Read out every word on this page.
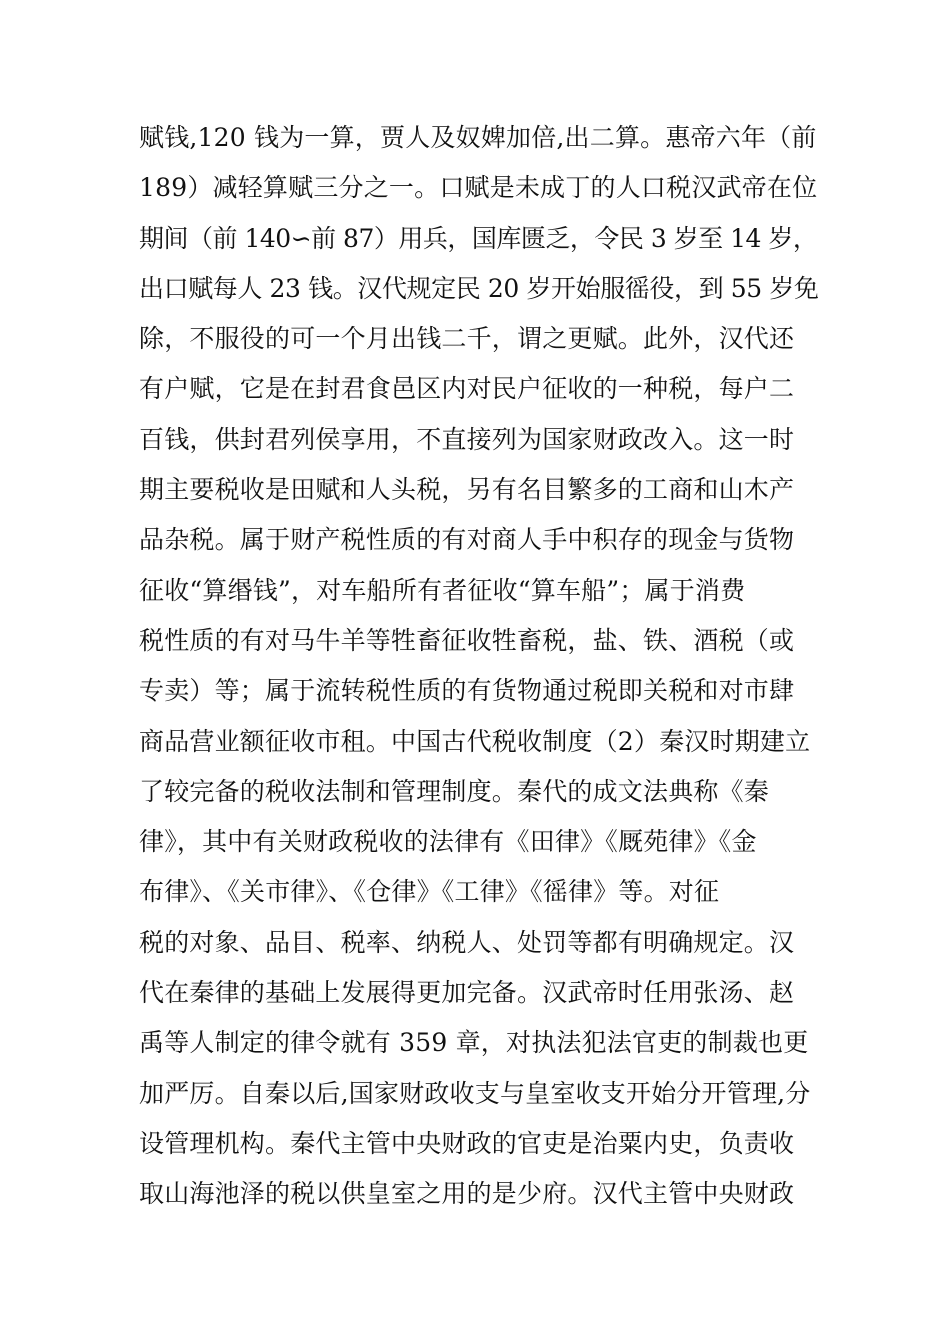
赋钱,120 钱为一算，贾人及奴婢加倍,出二算。惠帝六年（前
189）减轻算赋三分之一。口赋是未成丁的人口税汉武帝在位
期间（前 140∽前 87）用兵，国库匮乏，令民 3 岁至 14 岁，
出口赋每人 23 钱。汉代规定民 20 岁开始服徭役，到 55 岁免
除，不服役的可一个月出钱二千，谓之更赋。此外，汉代还
有户赋，它是在封君食邑区内对民户征收的一种税，每户二
百钱，供封君列侯享用，不直接列为国家财政改入。这一时
期主要税收是田赋和人头税，另有名目繁多的工商和山木产
品杂税。属于财产税性质的有对商人手中积存的现金与货物
征收“算缗钱”，对车船所有者征收“算车船”；属于消费
税性质的有对马牛羊等牲畜征收牲畜税，盐、铁、酒税（或
专卖）等；属于流转税性质的有货物通过税即关税和对市肆
商品营业额征收市租。中国古代税收制度（2）秦汉时期建立
了较完备的税收法制和管理制度。秦代的成文法典称《秦
律》，其中有关财政税收的法律有《田律》《厩苑律》《金
布律》、《关市律》、《仓律》《工律》《徭律》等。对征
税的对象、品目、税率、纳税人、处罚等都有明确规定。汉
代在秦律的基础上发展得更加完备。汉武帝时任用张汤、赵
禹等人制定的律令就有 359 章，对执法犯法官吏的制裁也更
加严厉。自秦以后,国家财政收支与皇室收支开始分开管理,分
设管理机构。秦代主管中央财政的官吏是治粟内史，负责收
取山海池泽的税以供皇室之用的是少府。汉代主管中央财政
